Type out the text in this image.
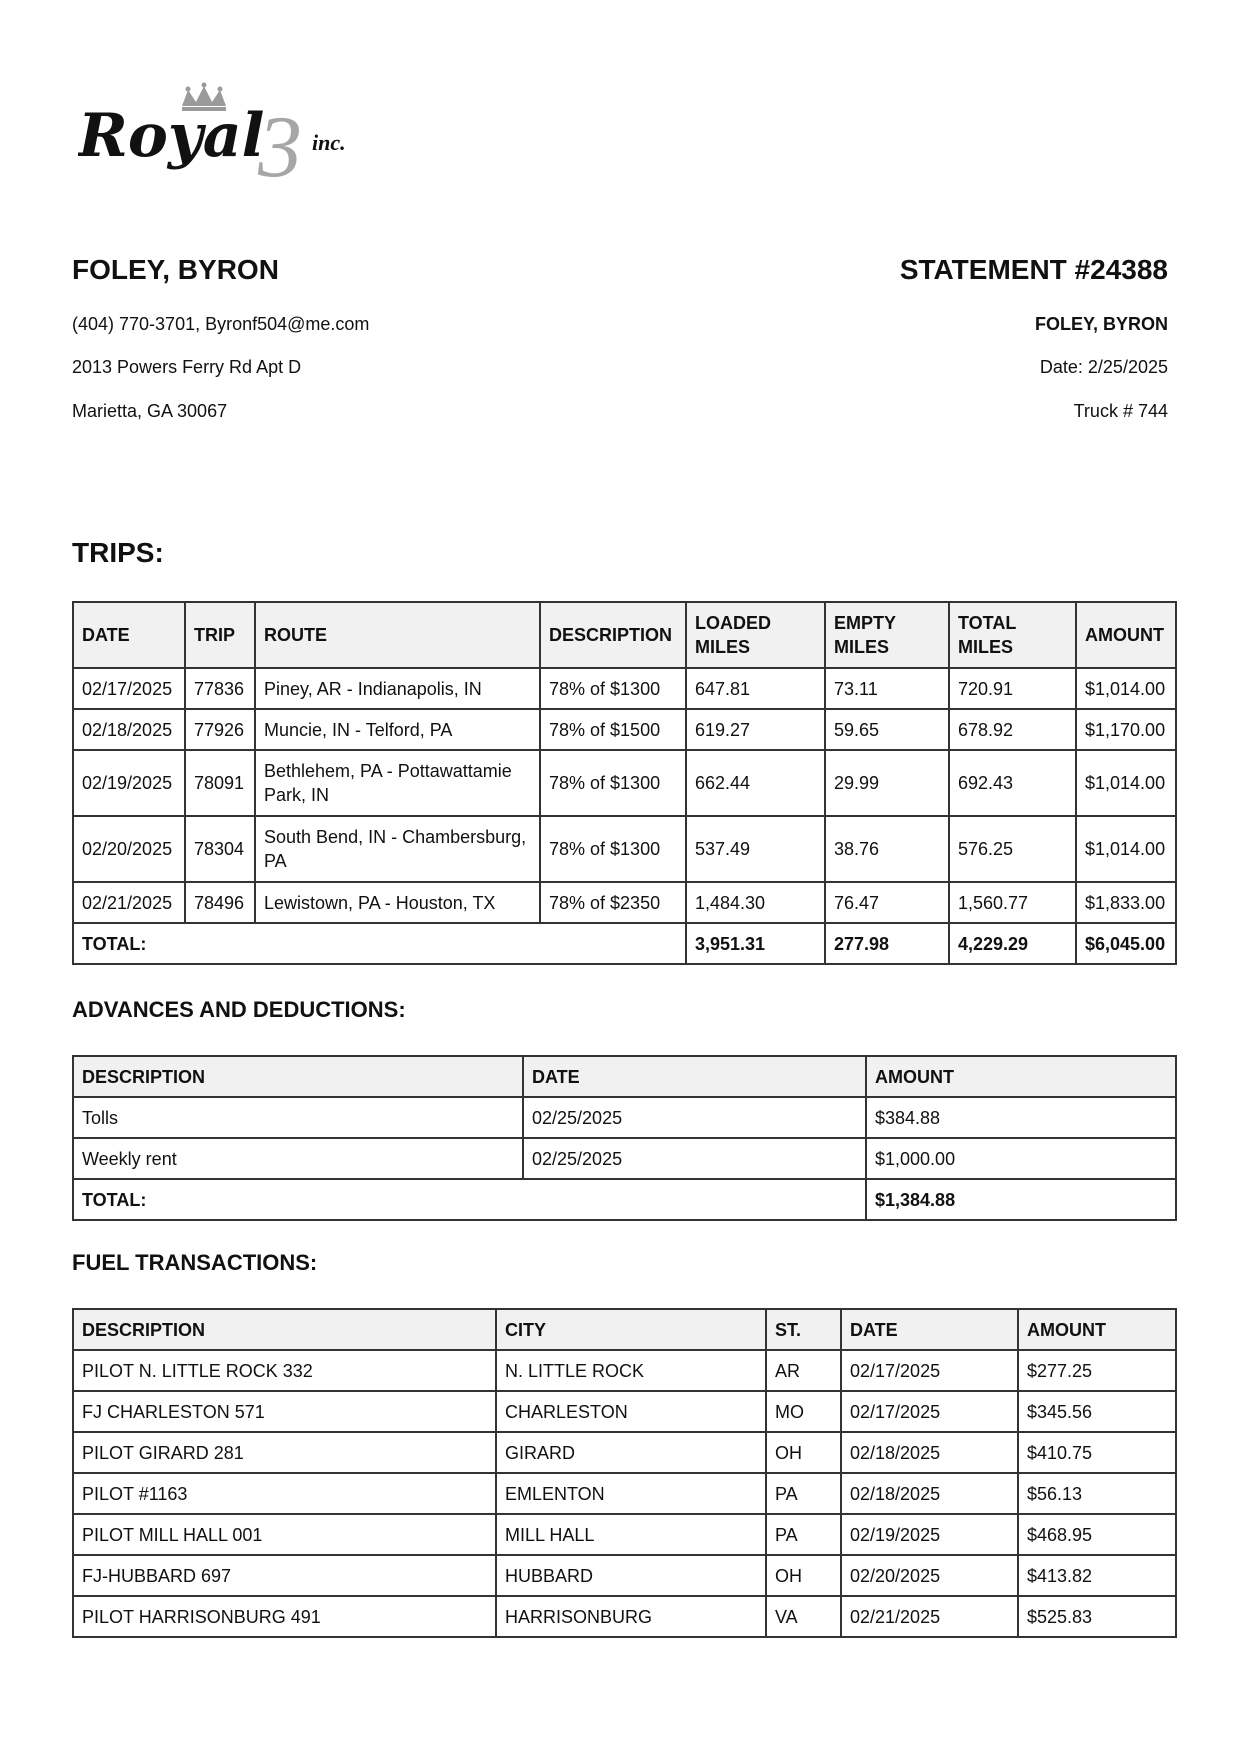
3
Royal inc.
FOLEY, BYRON	STATEMENT #24388
(404) 770-3701, Byronf504@me.com
2013 Powers Ferry Rd Apt D
Marietta, GA 30067
FOLEY, BYRON
Date: 2/25/2025
Truck # 744
TRIPS:
DATE	TRIP	ROUTE	DESCRIPTION	LOADED MILES	EMPTY MILES	TOTAL MILES	AMOUNT
02/17/2025	77836	Piney, AR - Indianapolis, IN	78% of $1300	647.81	73.11	720.91	$1,014.00
02/18/2025	77926	Muncie, IN - Telford, PA	78% of $1500	619.27	59.65	678.92	$1,170.00
02/19/2025	78091	Bethlehem, PA - Pottawattamie Park, IN	78% of $1300	662.44	29.99	692.43	$1,014.00
02/20/2025	78304	South Bend, IN - Chambersburg, PA	78% of $1300	537.49	38.76	576.25	$1,014.00
02/21/2025	78496	Lewistown, PA - Houston, TX	78% of $2350	1,484.30	76.47	1,560.77	$1,833.00
TOTAL:				3,951.31	277.98	4,229.29	$6,045.00
ADVANCES AND DEDUCTIONS:
DESCRIPTION	DATE	AMOUNT
Tolls	02/25/2025	$384.88
Weekly rent	02/25/2025	$1,000.00
TOTAL:		$1,384.88
FUEL TRANSACTIONS:
DESCRIPTION	CITY	ST.	DATE	AMOUNT
PILOT N. LITTLE ROCK 332	N. LITTLE ROCK	AR	02/17/2025	$277.25
FJ CHARLESTON 571	CHARLESTON	MO	02/17/2025	$345.56
PILOT GIRARD 281	GIRARD	OH	02/18/2025	$410.75
PILOT #1163	EMLENTON	PA	02/18/2025	$56.13
PILOT MILL HALL 001	MILL HALL	PA	02/19/2025	$468.95
FJ-HUBBARD 697	HUBBARD	OH	02/20/2025	$413.82
PILOT HARRISONBURG 491	HARRISONBURG	VA	02/21/2025	$525.83
